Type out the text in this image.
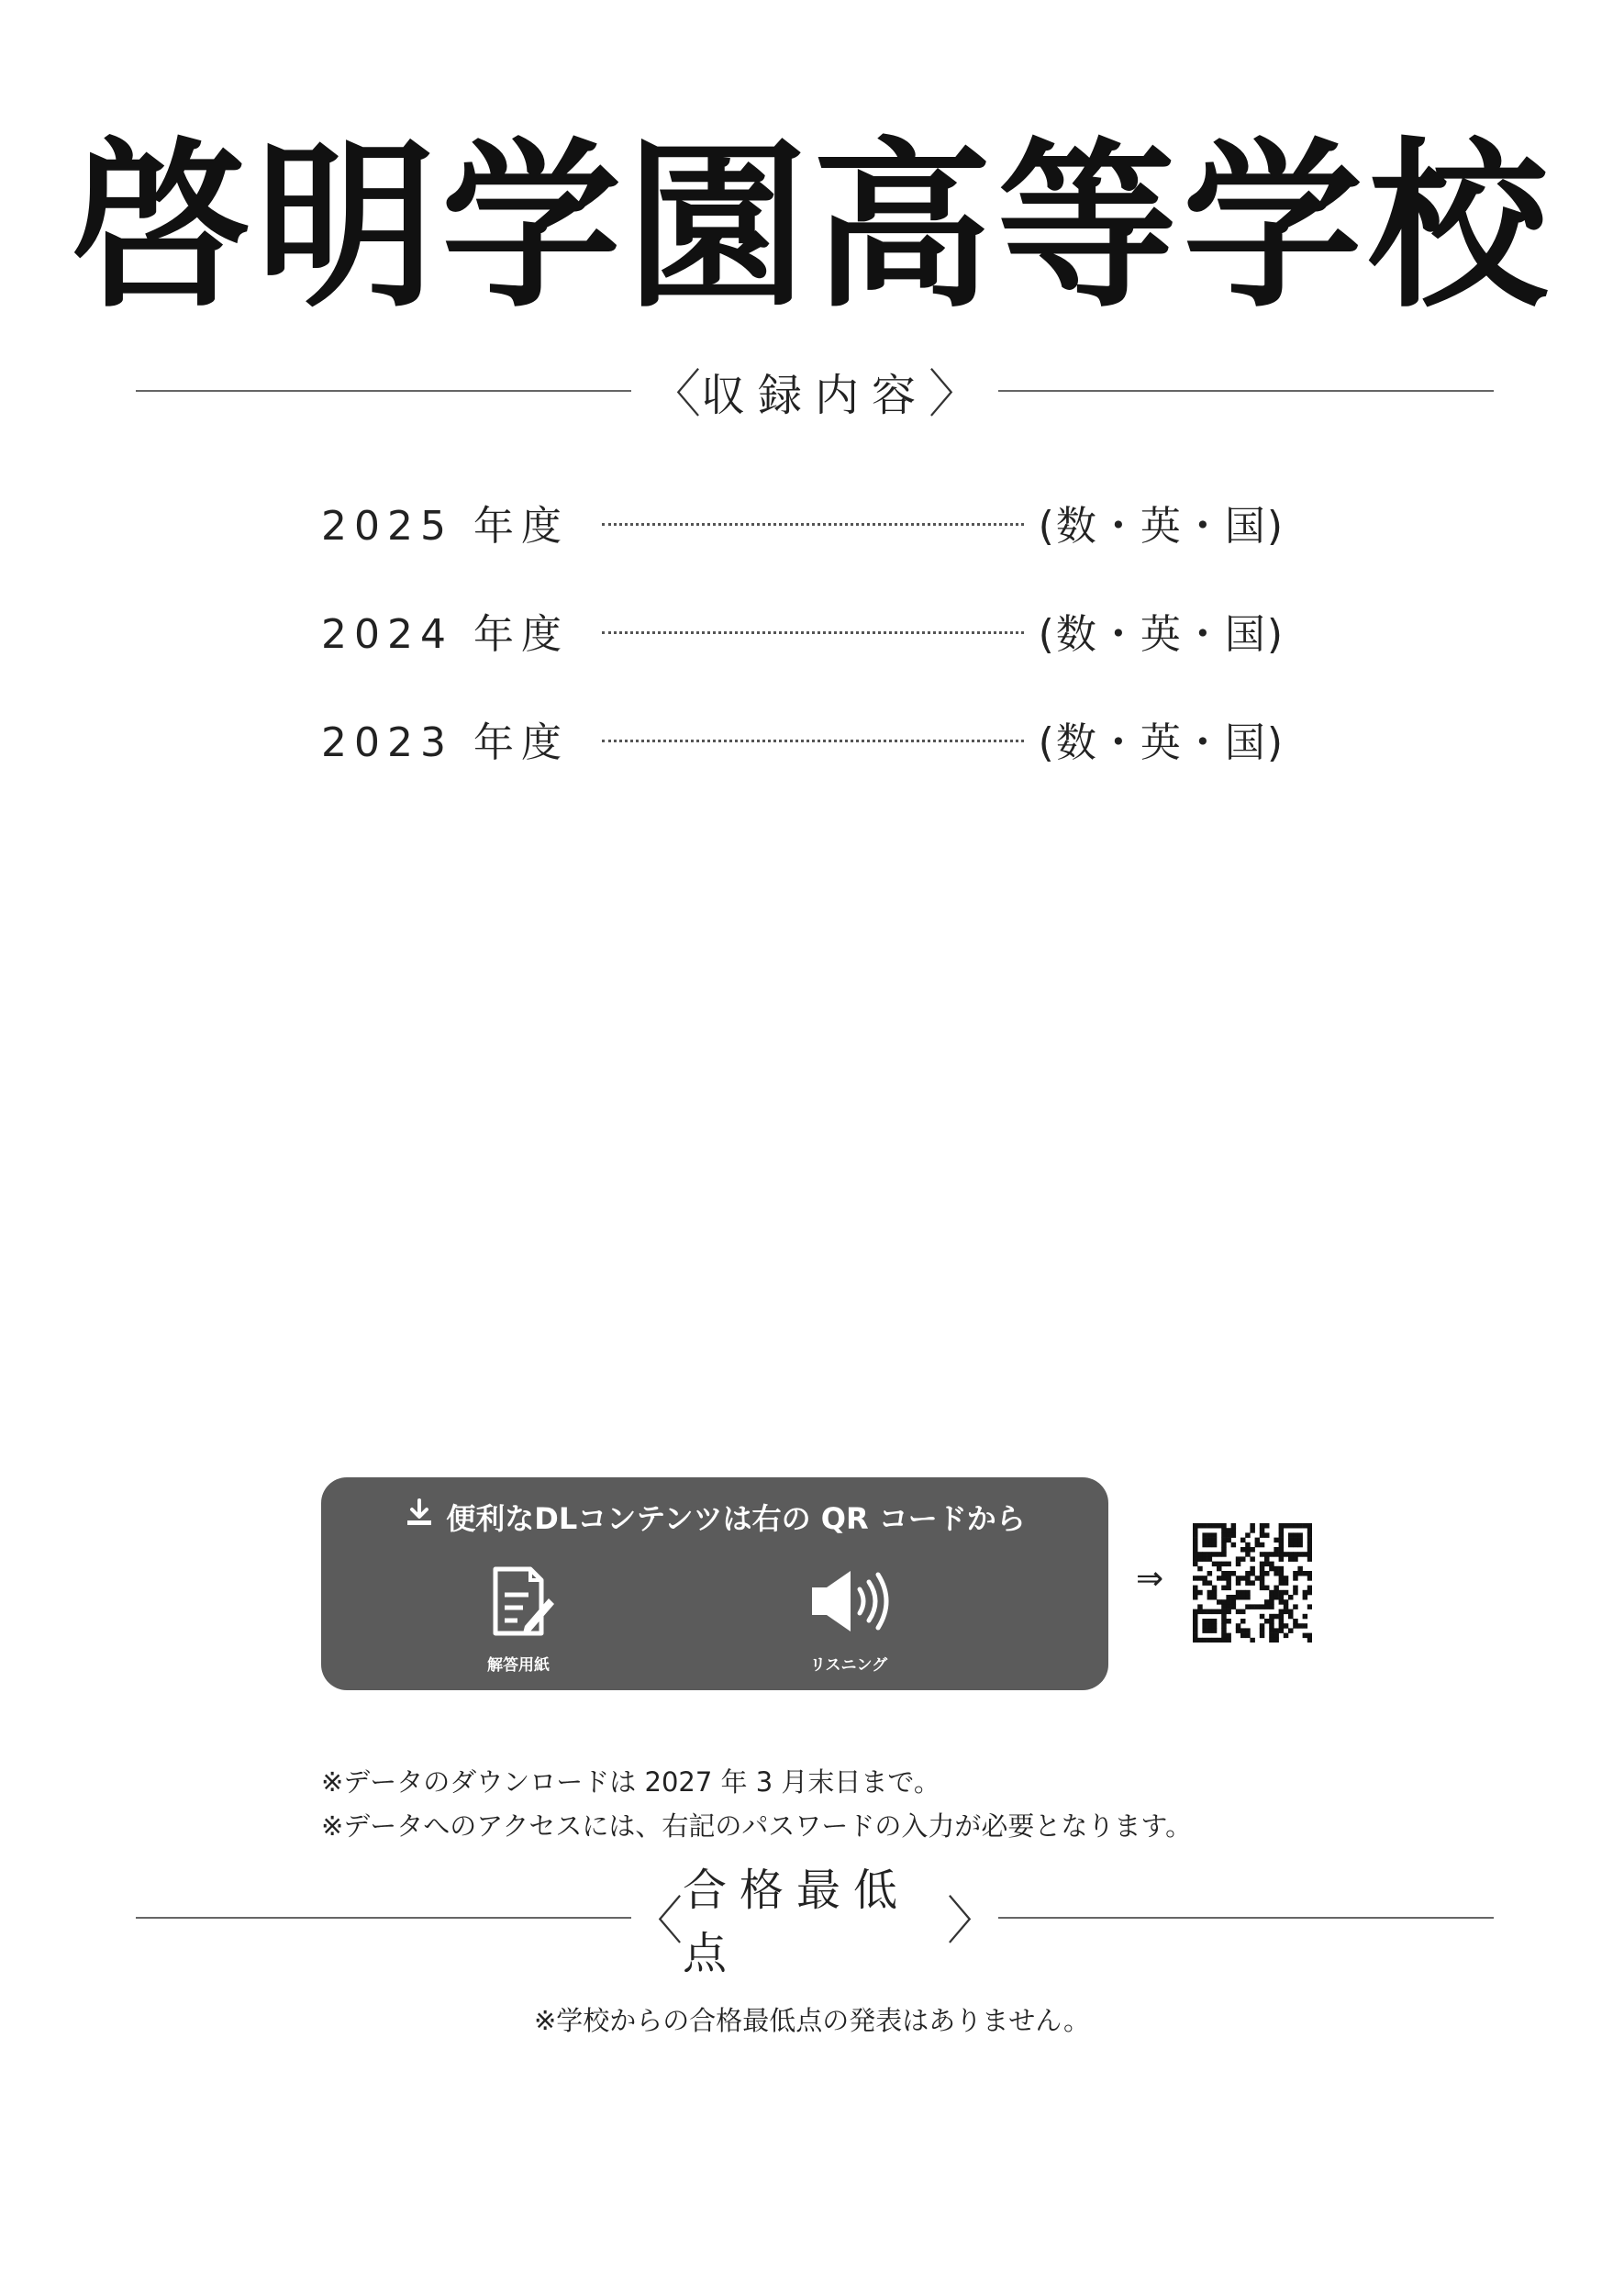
啓明学園高等学校
〈 収録内容 〉
2025 年度	(数・英・国)
2024 年度	(数・英・国)
2023 年度	(数・英・国)
便利なDLコンテンツは右の QR コードから
解答用紙	リスニング
⇒
※データのダウンロードは 2027 年 3 月末日まで。
※データへのアクセスには、右記のパスワードの入力が必要となります。
〈
合格最低点
〉
※学校からの合格最低点の発表はありません。
